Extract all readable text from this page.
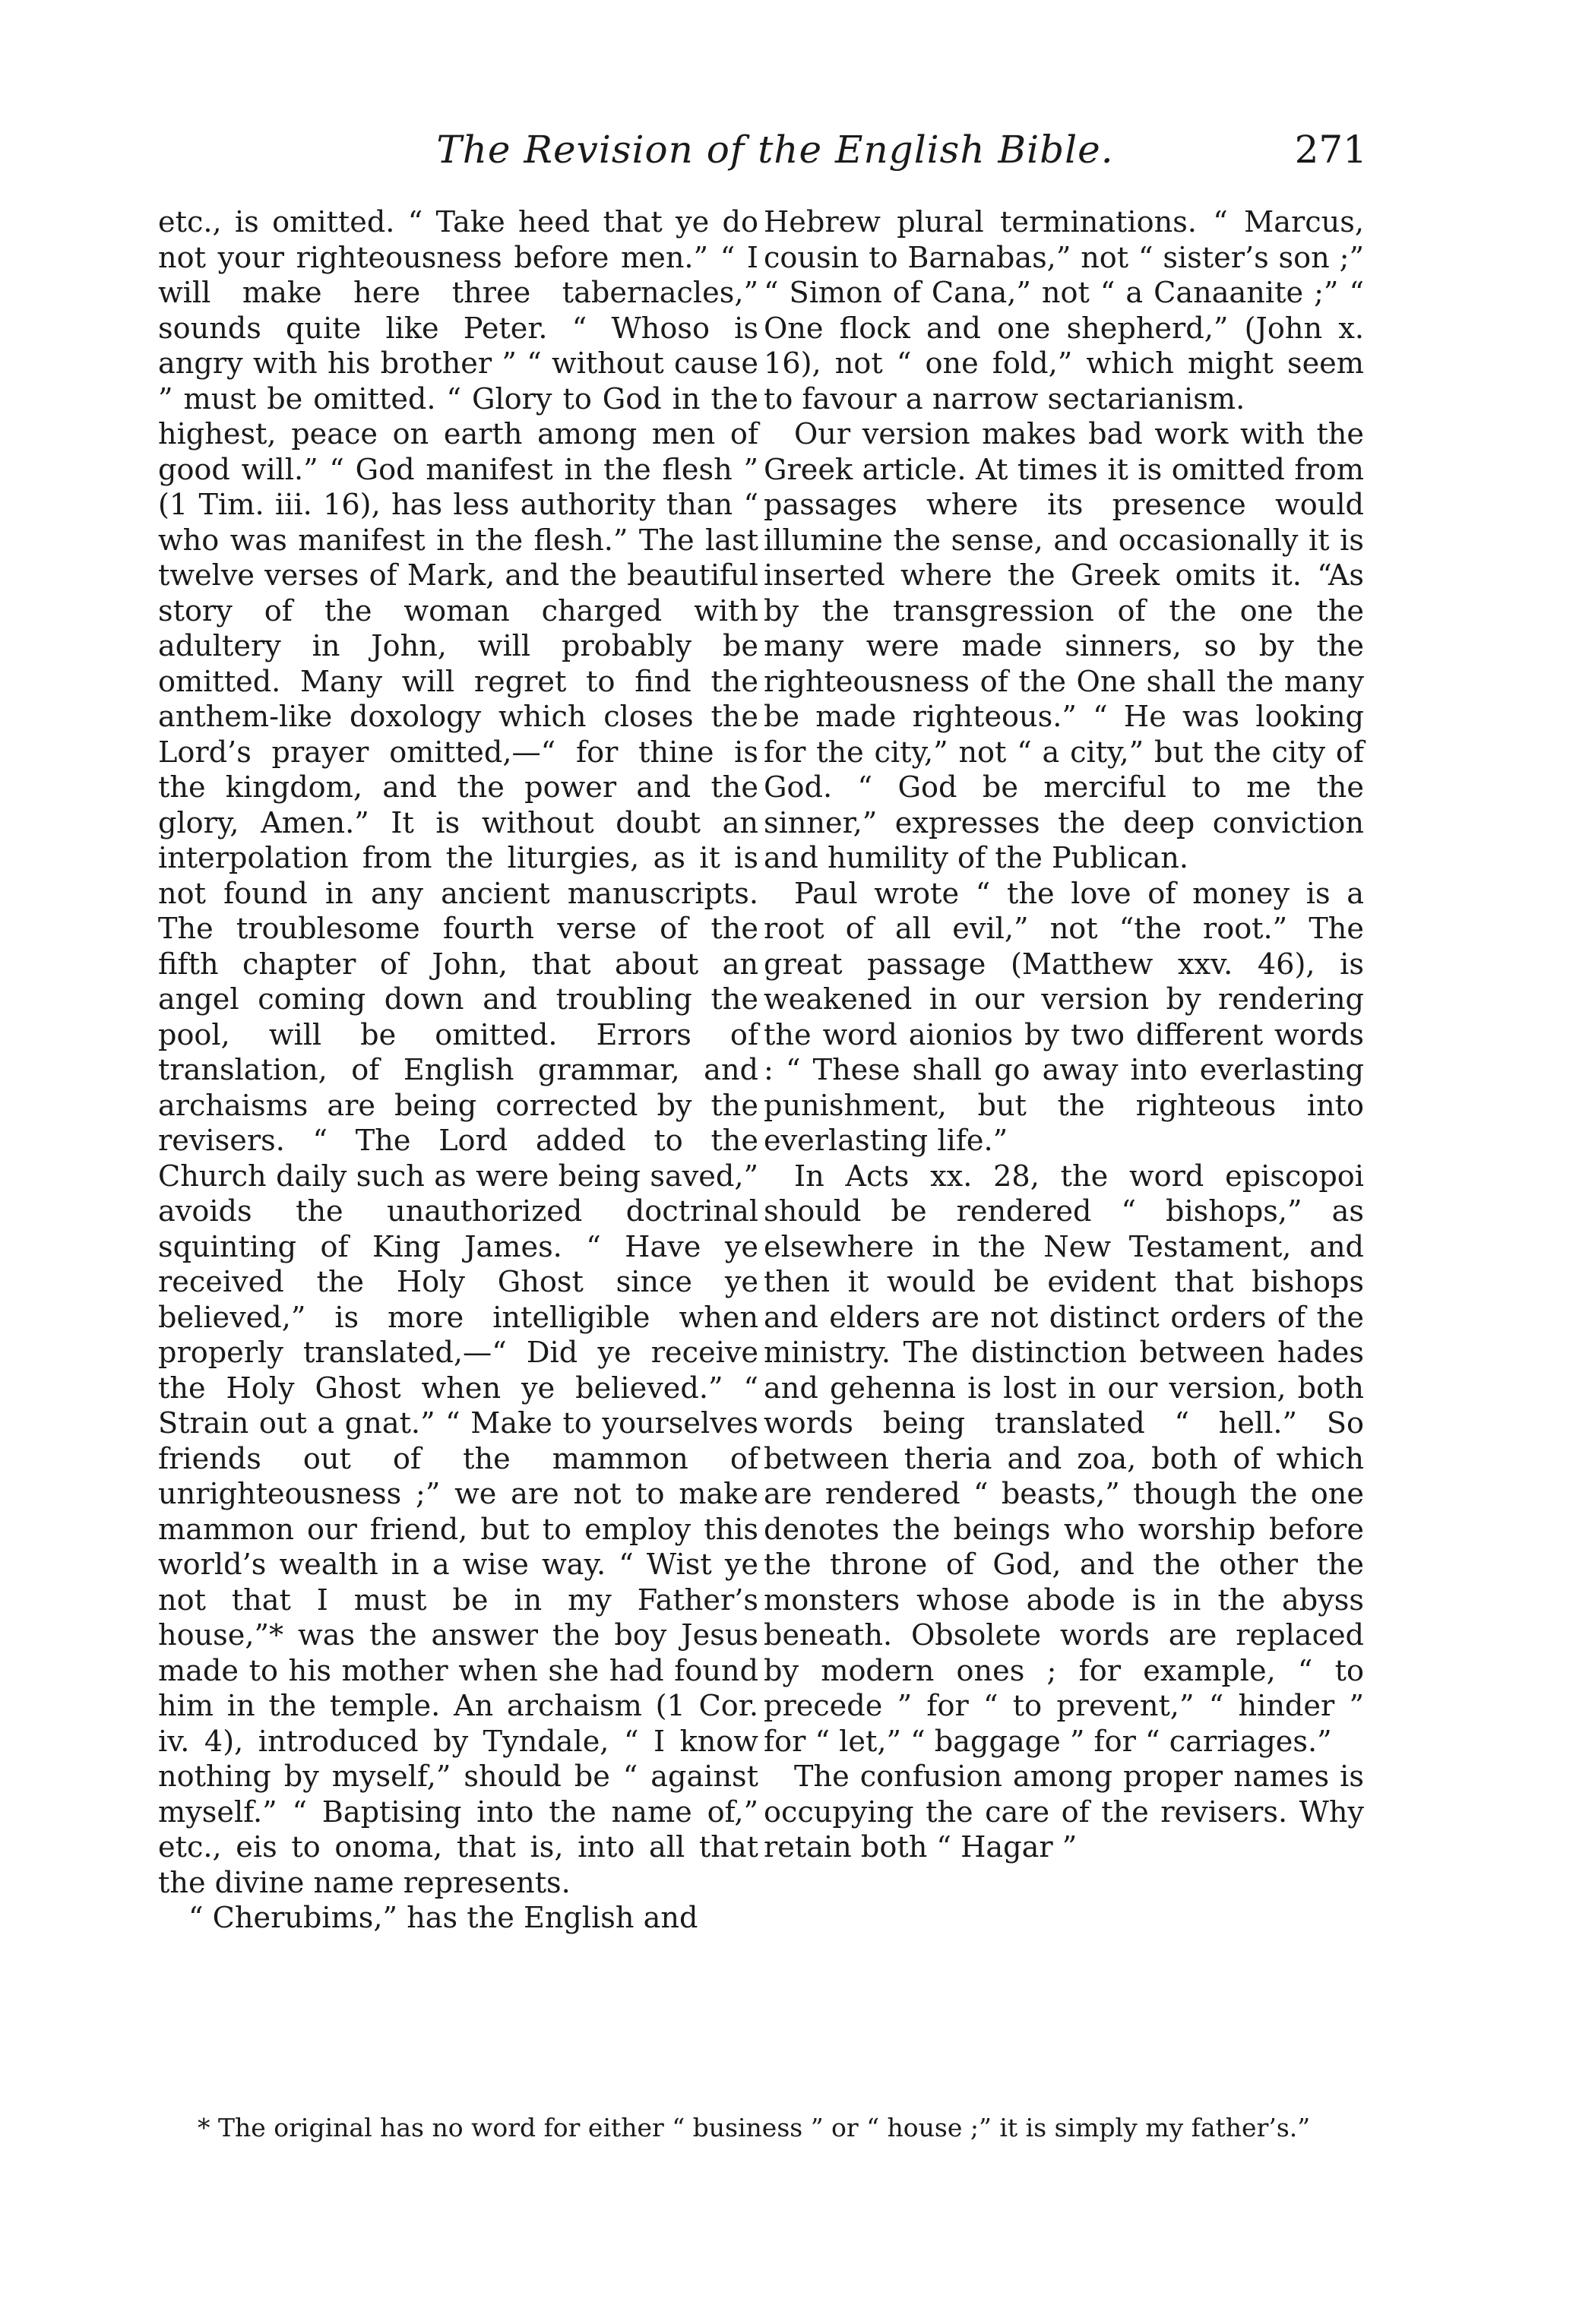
The Revision of the English Bible.	271

etc., is omitted. “ Take heed that ye do not your righteousness before men.” “ I will make here three tabernacles,” sounds quite like Peter. “ Whoso is angry with his brother ” “ without cause ” must be omitted. “ Glory to God in the highest, peace on earth among men of good will.” “ God manifest in the flesh ” (1 Tim. iii. 16), has less authority than “ who was manifest in the flesh.” The last twelve verses of Mark, and the beautiful story of the woman charged with adultery in John, will probably be omitted. Many will regret to find the anthem-like doxology which closes the Lord’s prayer omitted,—“ for thine is the kingdom, and the power and the glory, Amen.” It is without doubt an interpolation from the liturgies, as it is not found in any ancient manuscripts. The troublesome fourth verse of the fifth chapter of John, that about an angel coming down and troubling the pool, will be omitted. Errors of translation, of English grammar, and archaisms are being corrected by the revisers. “ The Lord added to the Church daily such as were being saved,” avoids the unauthorized doctrinal squinting of King James. “ Have ye received the Holy Ghost since ye believed,” is more intelligible when properly translated,—“ Did ye receive the Holy Ghost when ye believed.” “ Strain out a gnat.” “ Make to yourselves friends out of the mammon of unrighteousness ;” we are not to make mammon our friend, but to employ this world’s wealth in a wise way. “ Wist ye not that I must be in my Father’s house,”* was the answer the boy Jesus made to his mother when she had found him in the temple. An archaism (1 Cor. iv. 4), introduced by Tyndale, “ I know nothing by myself,” should be “ against myself.” “ Baptising into the name of,” etc., eis to onoma, that is, into all that the divine name represents.

“ Cherubims,” has the English and

Hebrew plural terminations. “ Marcus, cousin to Barnabas,” not “ sister’s son ;” “ Simon of Cana,” not “ a Canaanite ;” “ One flock and one shepherd,” (John x. 16), not “ one fold,” which might seem to favour a narrow sectarianism.

Our version makes bad work with the Greek article. At times it is omitted from passages where its presence would illumine the sense, and occasionally it is inserted where the Greek omits it. “As by the transgression of the one the many were made sinners, so by the righteousness of the One shall the many be made righteous.” “ He was looking for the city,” not “ a city,” but the city of God. “ God be merciful to me the sinner,” expresses the deep conviction and humility of the Publican.

Paul wrote “ the love of money is a root of all evil,” not “the root.” The great passage (Matthew xxv. 46), is weakened in our version by rendering the word aionios by two different words : “ These shall go away into everlasting punishment, but the righteous into everlasting life.”

In Acts xx. 28, the word episcopoi should be rendered “ bishops,” as elsewhere in the New Testament, and then it would be evident that bishops and elders are not distinct orders of the ministry. The distinction between hades and gehenna is lost in our version, both words being translated “ hell.” So between theria and zoa, both of which are rendered “ beasts,” though the one denotes the beings who worship before the throne of God, and the other the monsters whose abode is in the abyss beneath. Obsolete words are replaced by modern ones ; for example, “ to precede ” for “ to prevent,” “ hinder ” for “ let,” “ baggage ” for “ carriages.”

The confusion among proper names is occupying the care of the revisers. Why retain both “ Hagar ”

* The original has no word for either “ business ” or “ house ;” it is simply my father’s.”
